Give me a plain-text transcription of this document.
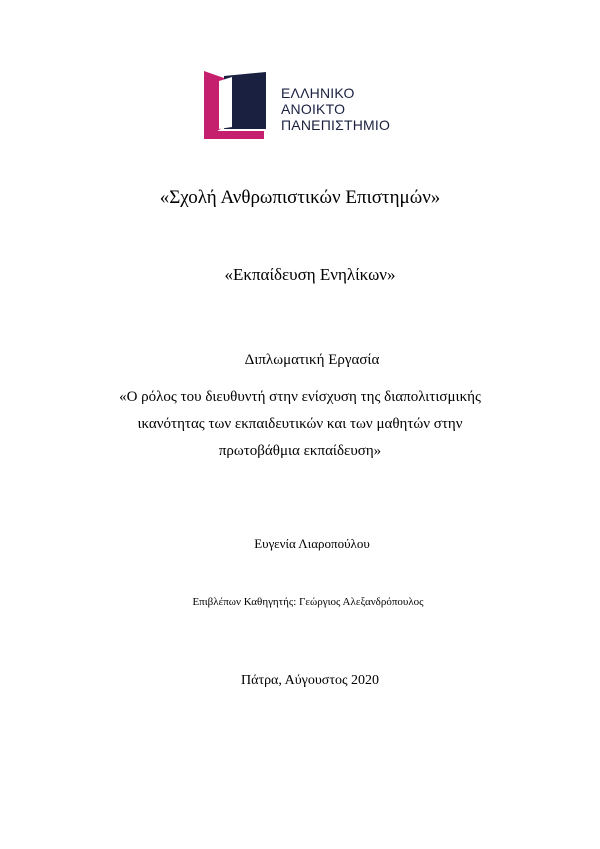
ΕΛΛΗΝΙΚΟ
ΑΝΟΙΚΤΟ
ΠΑΝΕΠΙΣΤΗΜΙΟ
«Σχολή Ανθρωπιστικών Επιστημών»
«Εκπαίδευση Ενηλίκων»
Διπλωματική Εργασία
«Ο ρόλος του διευθυντή στην ενίσχυση της διαπολιτισμικής
ικανότητας των εκπαιδευτικών και των μαθητών στην
πρωτοβάθμια εκπαίδευση»
Ευγενία Λιαροπούλου
Επιβλέπων Καθηγητής: Γεώργιος Αλεξανδρόπουλος
Πάτρα, Αύγουστος 2020
